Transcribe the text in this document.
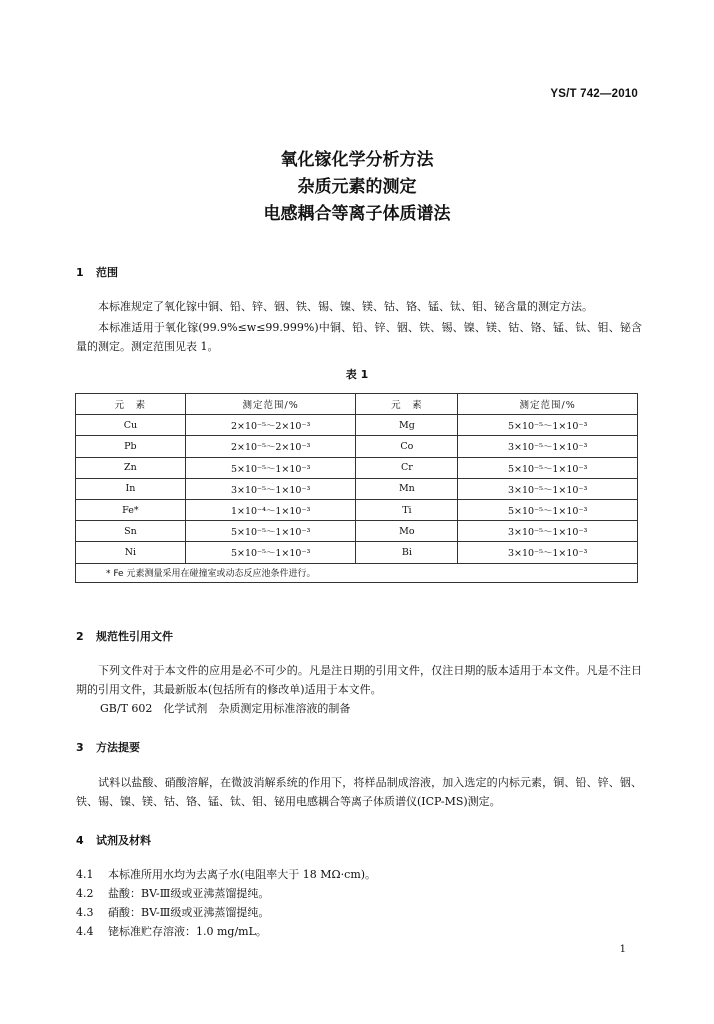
YS/T 742—2010
氧化镓化学分析方法
杂质元素的测定
电感耦合等离子体质谱法
1 范围
本标准规定了氧化镓中铜、铅、锌、铟、铁、锡、镍、镁、钴、铬、锰、钛、钼、铋含量的测定方法。
本标准适用于氧化镓(99.9%≤w≤99.999%)中铜、铅、锌、铟、铁、锡、镍、镁、钴、铬、锰、钛、钼、铋含量的测定。测定范围见表 1。
表 1
元　素	测定范围/%	元　素	测定范围/%
Cu	2×10⁻⁵～2×10⁻³	Mg	5×10⁻⁵～1×10⁻³
Pb	2×10⁻⁵～2×10⁻³	Co	3×10⁻⁵～1×10⁻³
Zn	5×10⁻⁵～1×10⁻³	Cr	5×10⁻⁵～1×10⁻³
In	3×10⁻⁵～1×10⁻³	Mn	3×10⁻⁵～1×10⁻³
Fe*	1×10⁻⁴～1×10⁻³	Ti	5×10⁻⁵～1×10⁻³
Sn	5×10⁻⁵～1×10⁻³	Mo	3×10⁻⁵～1×10⁻³
Ni	5×10⁻⁵～1×10⁻³	Bi	3×10⁻⁵～1×10⁻³
* Fe 元素测量采用在碰撞室或动态反应池条件进行。			
2 规范性引用文件
下列文件对于本文件的应用是必不可少的。凡是注日期的引用文件，仅注日期的版本适用于本文件。凡是不注日期的引用文件，其最新版本(包括所有的修改单)适用于本文件。
GB/T 602　化学试剂　杂质测定用标准溶液的制备
3 方法提要
试料以盐酸、硝酸溶解，在微波消解系统的作用下，将样品制成溶液，加入选定的内标元素，铜、铅、锌、铟、铁、锡、镍、镁、钴、铬、锰、钛、钼、铋用电感耦合等离子体质谱仪(ICP-MS)测定。
4 试剂及材料
4.1 本标准所用水均为去离子水(电阻率大于 18 MΩ·cm)。
4.2 盐酸：BV-Ⅲ级或亚沸蒸馏提纯。
4.3 硝酸：BV-Ⅲ级或亚沸蒸馏提纯。
4.4 铑标准贮存溶液：1.0 mg/mL。
1
